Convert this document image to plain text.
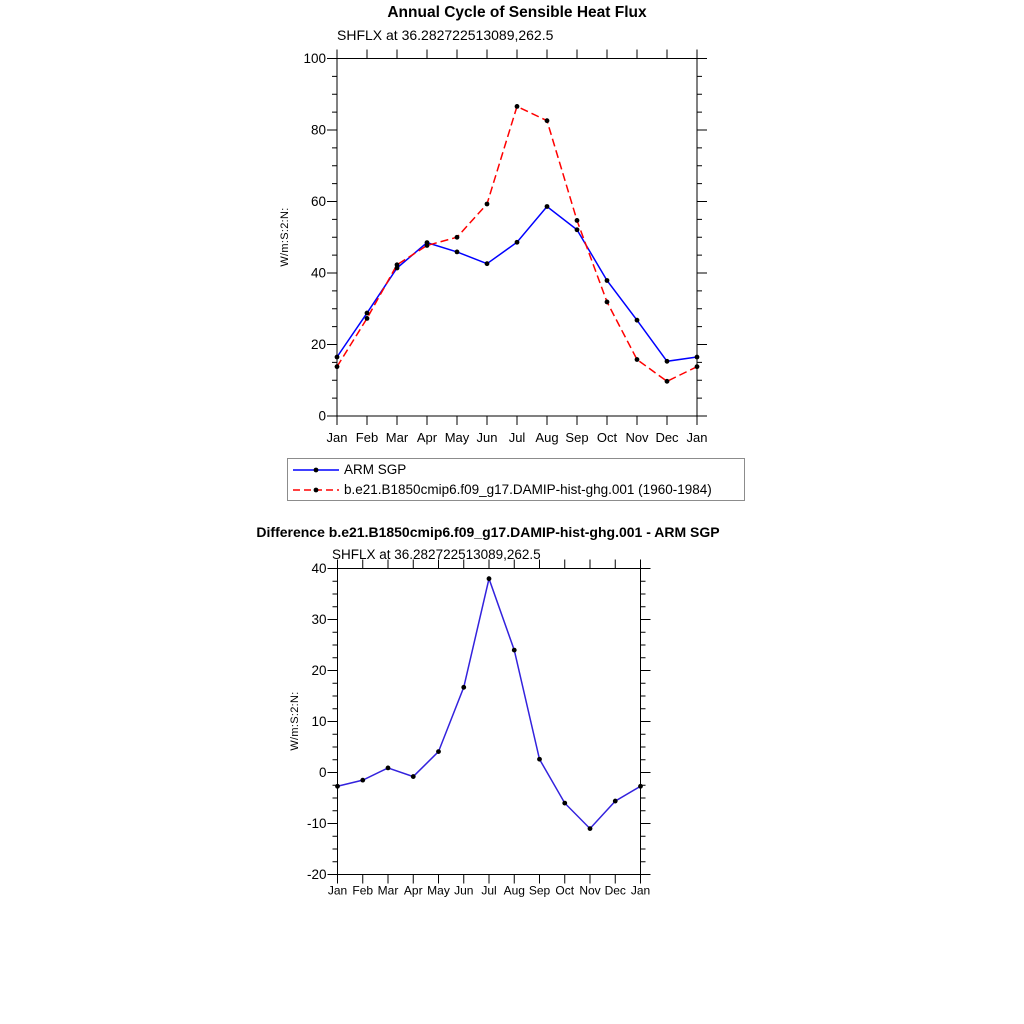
0
20
40
60
80
100
Jan Feb Mar Apr May Jun Jul Aug Sep Oct Nov Dec Jan
-20
-10
0
10
20
30
40
Jan Feb Mar Apr May Jun Jul Aug Sep Oct Nov Dec Jan
Annual Cycle of Sensible Heat Flux
SHFLX at 36.282722513089,262.5
W/m:S:2:N:
ARM SGP
b.e21.B1850cmip6.f09_g17.DAMIP-hist-ghg.001 (1960-1984)
Difference b.e21.B1850cmip6.f09_g17.DAMIP-hist-ghg.001 - ARM SGP
SHFLX at 36.282722513089,262.5
W/m:S:2:N:
